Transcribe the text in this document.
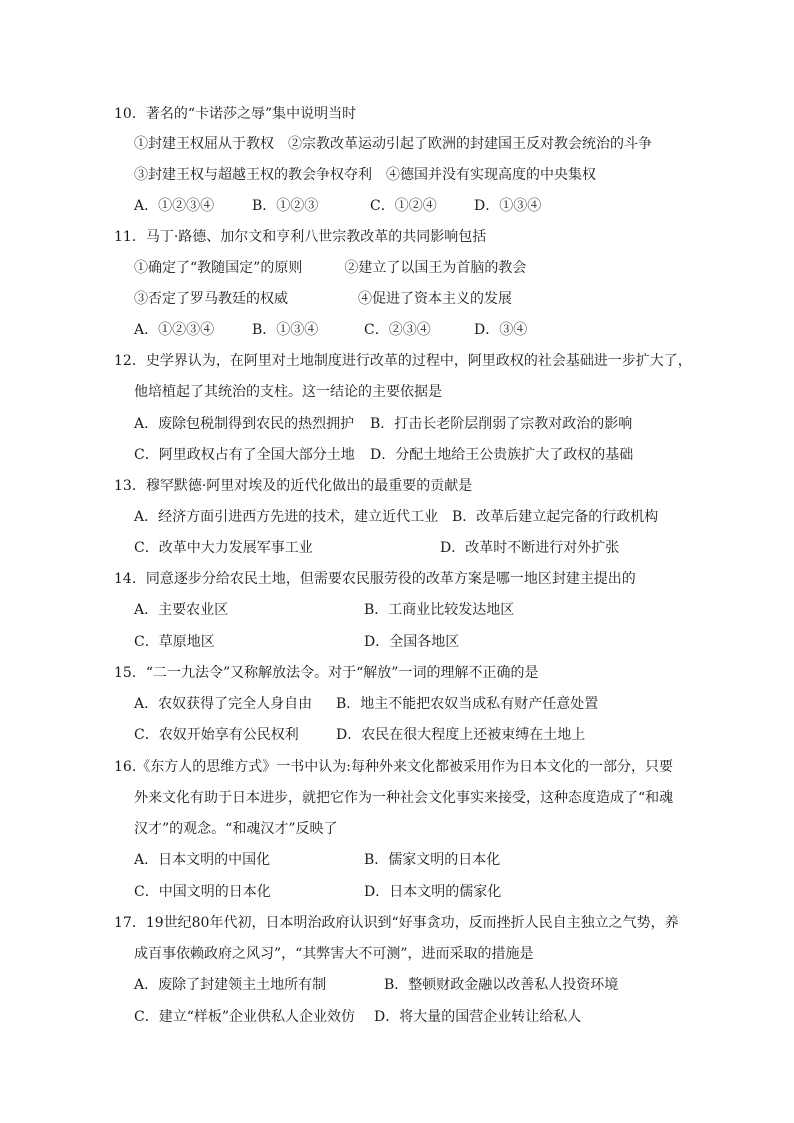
10．著名的“卡诺莎之辱”集中说明当时
①封建王权屈从于教权　②宗教改革运动引起了欧洲的封建国王反对教会统治的斗争
③封建王权与超越王权的教会争权夺利　④德国并没有实现高度的中央集权
A．①②③④	B．①②③	C．①②④	D．①③④
11．马丁·路德、加尔文和亨利八世宗教改革的共同影响包括
①确定了“教随国定”的原则　　　②建立了以国王为首脑的教会
③否定了罗马教廷的权威　　　　　④促进了资本主义的发展
A．①②③④	B．①③④	C．②③④	D．③④
12．史学界认为，在阿里对土地制度进行改革的过程中，阿里政权的社会基础进一步扩大了，
他培植起了其统治的支柱。这一结论的主要依据是
A．废除包税制得到农民的热烈拥护 B．打击长老阶层削弱了宗教对政治的影响
C．阿里政权占有了全国大部分土地 D．分配土地给王公贵族扩大了政权的基础
13．穆罕默德·阿里对埃及的近代化做出的最重要的贡献是
A．经济方面引进西方先进的技术，建立近代工业 B．改革后建立起完备的行政机构
C．改革中大力发展军事工业	D．改革时不断进行对外扩张
14．同意逐步分给农民土地，但需要农民服劳役的改革方案是哪一地区封建主提出的
A．主要农业区	B．工商业比较发达地区
C．草原地区	D．全国各地区
15．“二一九法令”又称解放法令。对于“解放”一词的理解不正确的是
A．农奴获得了完全人身自由 B．地主不能把农奴当成私有财产任意处置
C．农奴开始享有公民权利	D．农民在很大程度上还被束缚在土地上
16.《东方人的思维方式》一书中认为:每种外来文化都被采用作为日本文化的一部分，只要
外来文化有助于日本进步，就把它作为一种社会文化事实来接受，这种态度造成了“和魂
汉才”的观念。“和魂汉才”反映了
A．日本文明的中国化	B．儒家文明的日本化
C．中国文明的日本化	D．日本文明的儒家化
17．19世纪80年代初，日本明治政府认识到“好事贪功，反而挫折人民自主独立之气势，养
成百事依赖政府之风习”，“其弊害大不可测”，进而采取的措施是
A．废除了封建领主土地所有制	B．整顿财政金融以改善私人投资环境
C．建立“样板”企业供私人企业效仿 D．将大量的国营企业转让给私人
